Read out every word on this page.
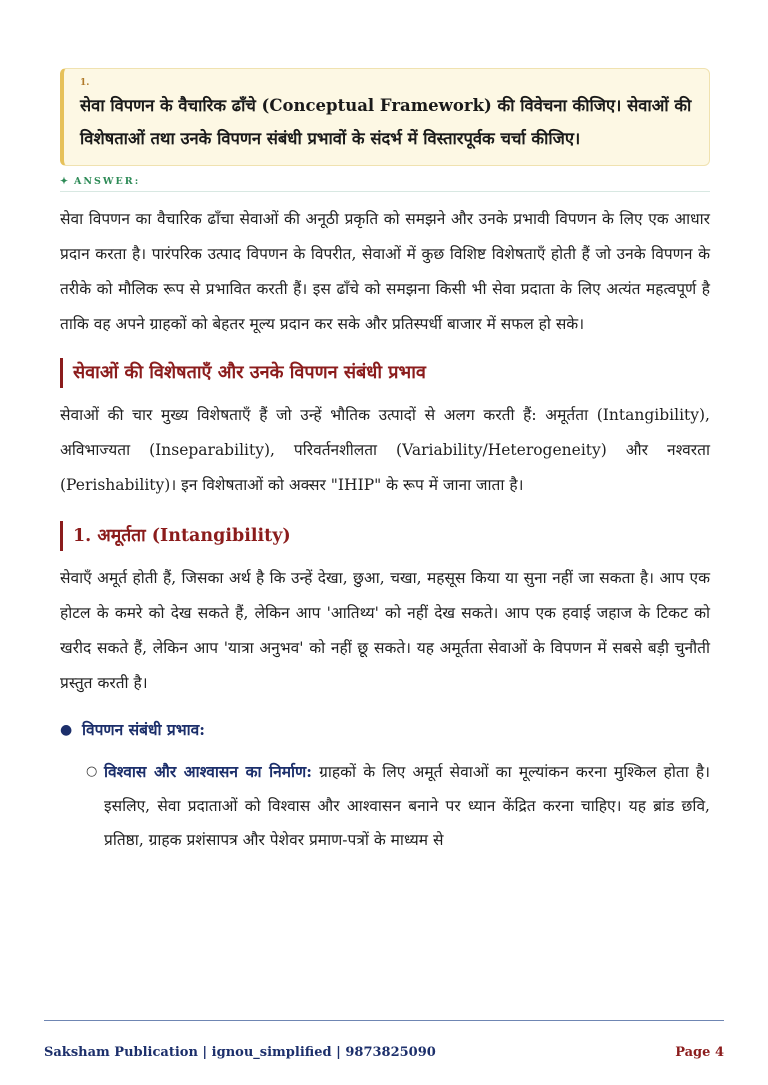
1.
सेवा विपणन के वैचारिक ढाँचे (Conceptual Framework) की विवेचना कीजिए। सेवाओं की विशेषताओं तथा उनके विपणन संबंधी प्रभावों के संदर्भ में विस्तारपूर्वक चर्चा कीजिए।
✦ ANSWER:

सेवा विपणन का वैचारिक ढाँचा सेवाओं की अनूठी प्रकृति को समझने और उनके प्रभावी विपणन के लिए एक आधार प्रदान करता है। पारंपरिक उत्पाद विपणन के विपरीत, सेवाओं में कुछ विशिष्ट विशेषताएँ होती हैं जो उनके विपणन के तरीके को मौलिक रूप से प्रभावित करती हैं। इस ढाँचे को समझना किसी भी सेवा प्रदाता के लिए अत्यंत महत्वपूर्ण है ताकि वह अपने ग्राहकों को बेहतर मूल्य प्रदान कर सके और प्रतिस्पर्धी बाजार में सफल हो सके।

सेवाओं की विशेषताएँ और उनके विपणन संबंधी प्रभाव

सेवाओं की चार मुख्य विशेषताएँ हैं जो उन्हें भौतिक उत्पादों से अलग करती हैं: अमूर्तता (Intangibility), अविभाज्यता (Inseparability), परिवर्तनशीलता (Variability/Heterogeneity) और नश्वरता (Perishability)। इन विशेषताओं को अक्सर "IHIP" के रूप में जाना जाता है।

1. अमूर्तता (Intangibility)

सेवाएँ अमूर्त होती हैं, जिसका अर्थ है कि उन्हें देखा, छुआ, चखा, महसूस किया या सुना नहीं जा सकता है। आप एक होटल के कमरे को देख सकते हैं, लेकिन आप 'आतिथ्य' को नहीं देख सकते। आप एक हवाई जहाज के टिकट को खरीद सकते हैं, लेकिन आप 'यात्रा अनुभव' को नहीं छू सकते। यह अमूर्तता सेवाओं के विपणन में सबसे बड़ी चुनौती प्रस्तुत करती है।

● विपणन संबंधी प्रभाव:
○ विश्वास और आश्वासन का निर्माण: ग्राहकों के लिए अमूर्त सेवाओं का मूल्यांकन करना मुश्किल होता है। इसलिए, सेवा प्रदाताओं को विश्वास और आश्वासन बनाने पर ध्यान केंद्रित करना चाहिए। यह ब्रांड छवि, प्रतिष्ठा, ग्राहक प्रशंसापत्र और पेशेवर प्रमाण-पत्रों के माध्यम से
Saksham Publication | ignou_simplified | 9873825090	Page 4
